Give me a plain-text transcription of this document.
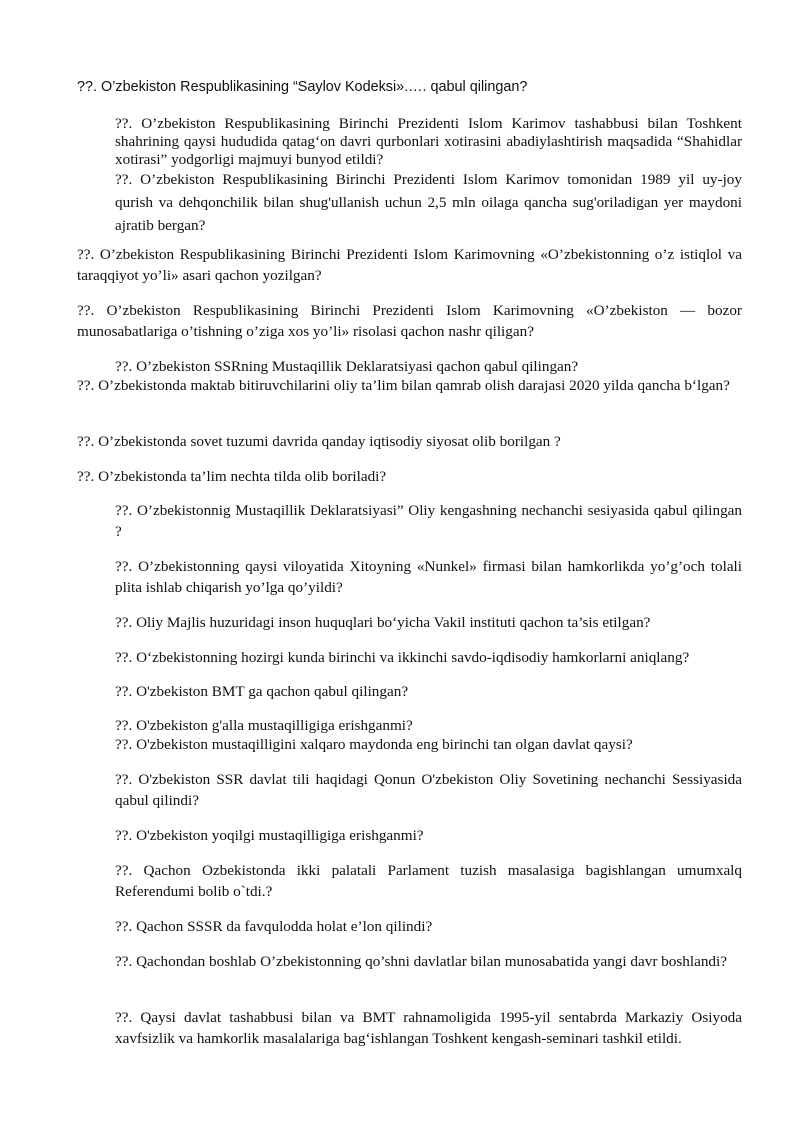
??. O’zbekiston Respublikasining “Saylov Kodeksi».…. qabul qilingan?

??. O’zbekiston Respublikasining Birinchi Prezidenti Islom Karimov tashabbusi bilan Toshkent shahrining qaysi hududida qatag‘on davri qurbonlari xotirasini abadiylashtirish maqsadida “Shahidlar xotirasi” yodgorligi majmuyi bunyod etildi?

??. O’zbekiston Respublikasining Birinchi Prezidenti Islom Karimov tomonidan 1989 yil uy-joy qurish va dehqonchilik bilan shug'ullanish uchun 2,5 mln oilaga qancha sug'oriladigan yer maydoni ajratib bergan?

??. O’zbekiston Respublikasining Birinchi Prezidenti Islom Karimovning «O’zbekistonning o’z istiqlol va taraqqiyot yo’li» asari qachon yozilgan?

??. O’zbekiston Respublikasining Birinchi Prezidenti Islom Karimovning «O’zbekiston — bozor munosabatlariga o’tishning o’ziga xos yo’li» risolasi qachon nashr qiligan?

??. O’zbekiston SSRning Mustaqillik Deklaratsiyasi qachon qabul qilingan?

??. O’zbekistonda maktab bitiruvchilarini oliy ta’lim bilan qamrab olish darajasi 2020 yilda qancha b‘lgan?

??. O’zbekistonda sovet tuzumi davrida qanday iqtisodiy siyosat olib borilgan ?

??. O’zbekistonda ta’lim nechta tilda olib boriladi?

??. O’zbekistonnig Mustaqillik Deklaratsiyasi” Oliy kengashning nechanchi sesiyasida qabul qilingan ?

??. O’zbekistonning qaysi viloyatida Xitoyning «Nunkel» firmasi bilan hamkorlikda yo’g’och tolali plita ishlab chiqarish yo’lga qo’yildi?

??. Oliy Majlis huzuridagi inson huquqlari bo‘yicha Vakil instituti qachon ta’sis etilgan?

??. O‘zbekistonning hozirgi kunda birinchi va ikkinchi savdo-iqdisodiy hamkorlarni aniqlang?

??. O'zbekiston BMT ga qachon qabul qilingan?

??. O'zbekiston g'alla mustaqilligiga erishganmi?

??. O'zbekiston mustaqilligini xalqaro maydonda eng birinchi tan olgan davlat qaysi?

??. O'zbekiston SSR davlat tili haqidagi Qonun O'zbekiston Oliy Sovetining nechanchi Sessiyasida qabul qilindi?

??. O'zbekiston yoqilgi mustaqilligiga erishganmi?

??. Qachon Ozbekistonda ikki palatali Parlament tuzish masalasiga bagishlangan umumxalq Referendumi bolib o`tdi.?

??. Qachon SSSR da favqulodda holat e’lon qilindi?

??. Qachondan boshlab O’zbekistonning qo’shni davlatlar bilan munosabatida yangi davr boshlandi?

??. Qaysi davlat tashabbusi bilan va BMT rahnamoligida 1995-yil sentabrda Markaziy Osiyoda xavfsizlik va hamkorlik masalalariga bag‘ishlangan Toshkent kengash-seminari tashkil etildi.
